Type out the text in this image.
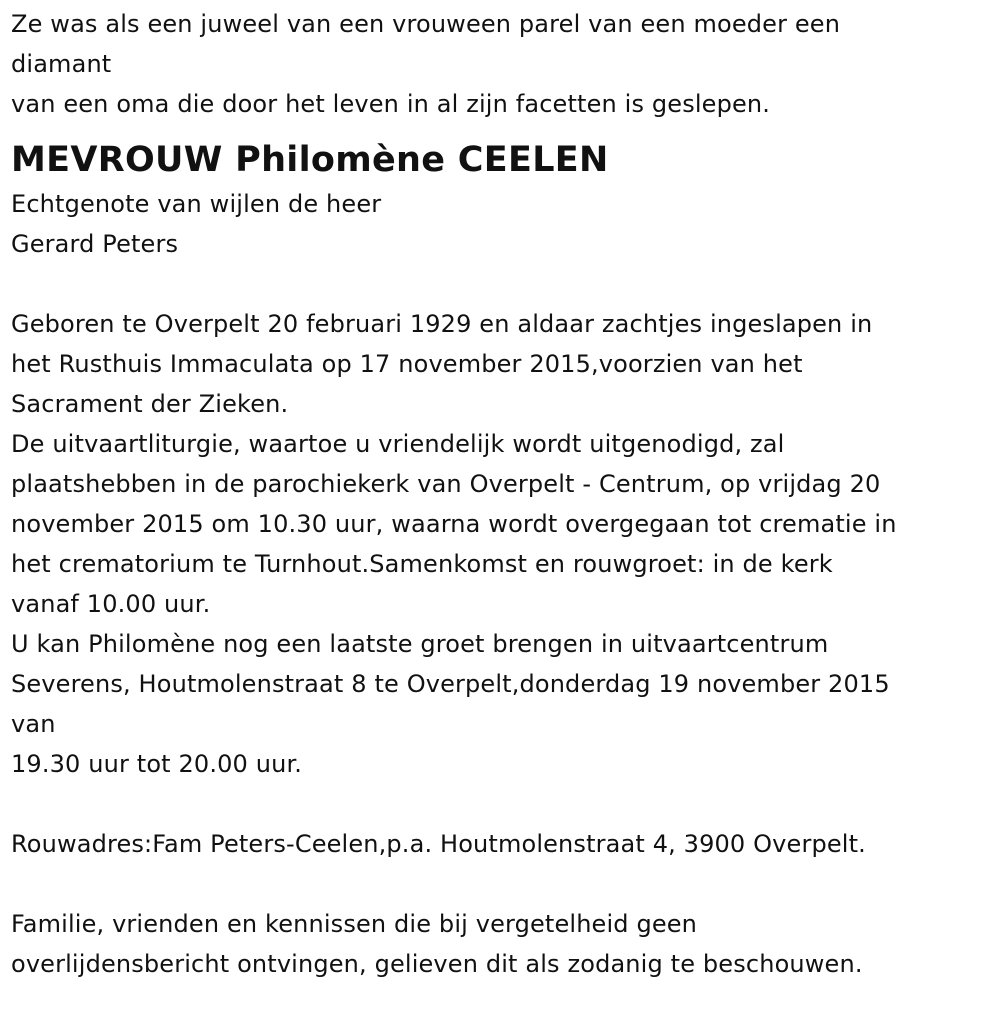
Ze was als een juweel van een vrouween parel van een moeder een
diamant
van een oma die door het leven in al zijn facetten is geslepen.
MEVROUW Philomène CEELEN
Echtgenote van wijlen de heer
Gerard Peters
Geboren te Overpelt 20 februari 1929 en aldaar zachtjes ingeslapen in
het Rusthuis Immaculata op 17 november 2015,voorzien van het
Sacrament der Zieken.
De uitvaartliturgie, waartoe u vriendelijk wordt uitgenodigd, zal
plaatshebben in de parochiekerk van Overpelt - Centrum, op vrijdag 20
november 2015 om 10.30 uur, waarna wordt overgegaan tot crematie in
het crematorium te Turnhout.Samenkomst en rouwgroet: in de kerk
vanaf 10.00 uur.
U kan Philomène nog een laatste groet brengen in uitvaartcentrum
Severens, Houtmolenstraat 8 te Overpelt,donderdag 19 november 2015
van
19.30 uur tot 20.00 uur.
Rouwadres:Fam Peters-Ceelen,p.a. Houtmolenstraat 4, 3900 Overpelt.
Familie, vrienden en kennissen die bij vergetelheid geen
overlijdensbericht ontvingen, gelieven dit als zodanig te beschouwen.
